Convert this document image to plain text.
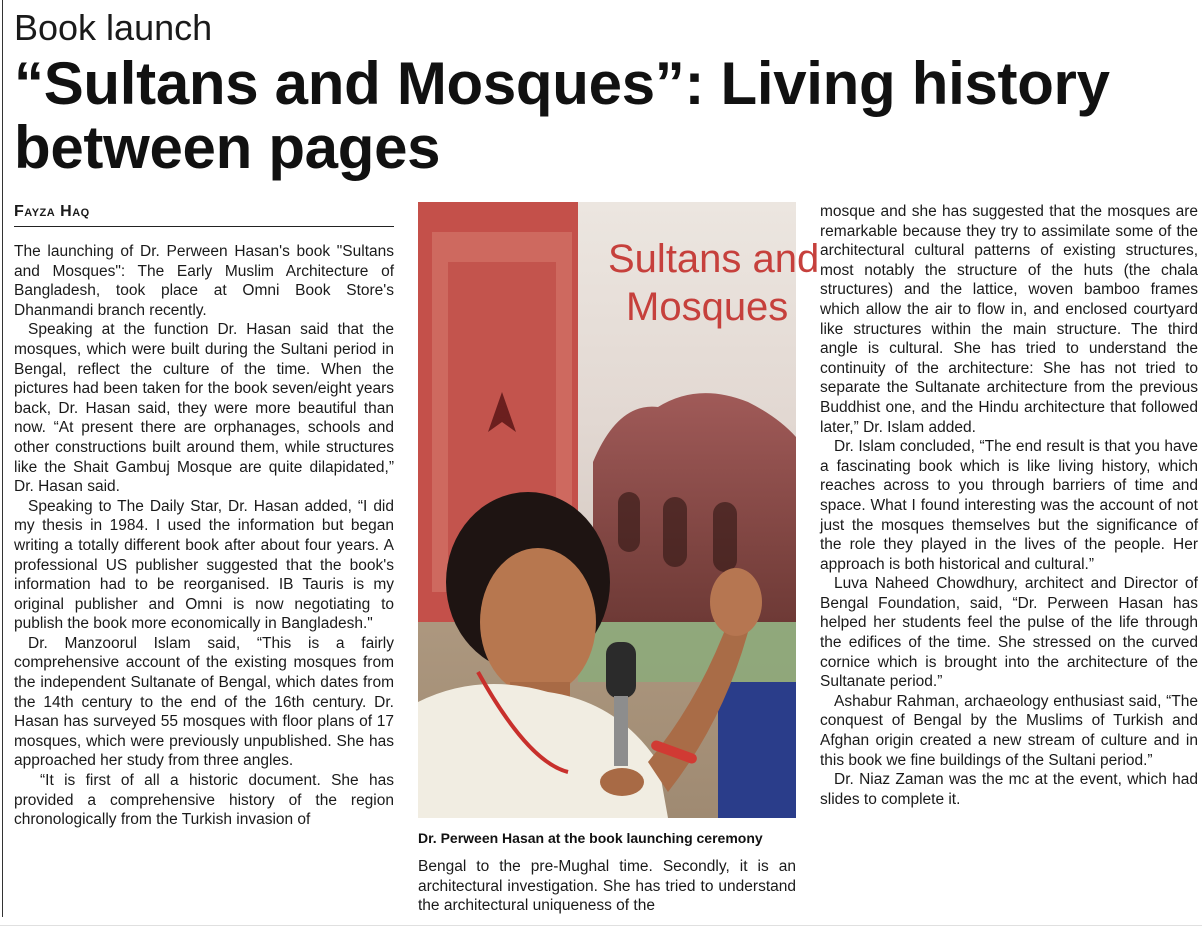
Book launch
“Sultans and Mosques”: Living history between pages
Fayza Haq

The launching of Dr. Perween Hasan's book "Sultans and Mosques": The Early Muslim Architecture of Bangladesh, took place at Omni Book Store's Dhanmandi branch recently.

Speaking at the function Dr. Hasan said that the mosques, which were built during the Sultani period in Bengal, reflect the culture of the time. When the pictures had been taken for the book seven/eight years back, Dr. Hasan said, they were more beautiful than now. “At present there are orphanages, schools and other constructions built around them, while structures like the Shait Gambuj Mosque are quite dilapidated,” Dr. Hasan said.

Speaking to The Daily Star, Dr. Hasan added, “I did my thesis in 1984. I used the information but began writing a totally different book after about four years. A professional US publisher suggested that the book's information had to be reorganised. IB Tauris is my original publisher and Omni is now negotiating to publish the book more economically in Bangladesh."

Dr. Manzoorul Islam said, “This is a fairly comprehensive account of the existing mosques from the independent Sultanate of Bengal, which dates from the 14th century to the end of the 16th century. Dr. Hasan has surveyed 55 mosques with floor plans of 17 mosques, which were previously unpublished. She has approached her study from three angles.

“It is first of all a historic document. She has provided a comprehensive history of the region chronologically from the Turkish invasion of

Sultans and
Mosques
Dr. Perween Hasan at the book launching ceremony
Bengal to the pre-Mughal time. Secondly, it is an architectural investigation. She has tried to understand the architectural uniqueness of the

mosque and she has suggested that the mosques are remarkable because they try to assimilate some of the architectural cultural patterns of existing structures, most notably the structure of the huts (the chala structures) and the lattice, woven bamboo frames which allow the air to flow in, and enclosed courtyard like structures within the main structure. The third angle is cultural. She has tried to understand the continuity of the architecture: She has not tried to separate the Sultanate architecture from the previous Buddhist one, and the Hindu architecture that followed later,” Dr. Islam added.

Dr. Islam concluded, “The end result is that you have a fascinating book which is like living history, which reaches across to you through barriers of time and space. What I found interesting was the account of not just the mosques themselves but the significance of the role they played in the lives of the people. Her approach is both historical and cultural.”

Luva Naheed Chowdhury, architect and Director of Bengal Foundation, said, “Dr. Perween Hasan has helped her students feel the pulse of the life through the edifices of the time. She stressed on the curved cornice which is brought into the architecture of the Sultanate period.”

Ashabur Rahman, archaeology enthusiast said, “The conquest of Bengal by the Muslims of Turkish and Afghan origin created a new stream of culture and in this book we fine buildings of the Sultani period.”

Dr. Niaz Zaman was the mc at the event, which had slides to complete it.
